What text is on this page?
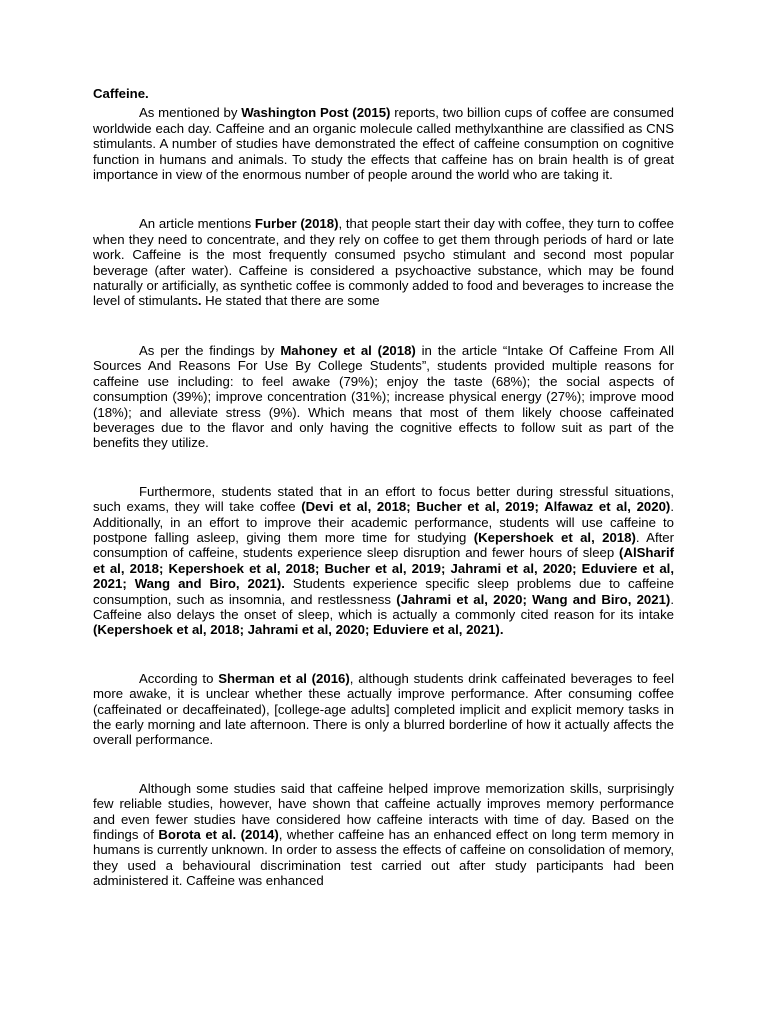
Caffeine.

As mentioned by Washington Post (2015) reports, two billion cups of coffee are consumed worldwide each day. Caffeine and an organic molecule called methylxanthine are classified as CNS stimulants. A number of studies have demonstrated the effect of caffeine consumption on cognitive function in humans and animals. To study the effects that caffeine has on brain health is of great importance in view of the enormous number of people around the world who are taking it.

An article mentions Furber (2018), that people start their day with coffee, they turn to coffee when they need to concentrate, and they rely on coffee to get them through periods of hard or late work. Caffeine is the most frequently consumed psycho stimulant and second most popular beverage (after water). Caffeine is considered a psychoactive substance, which may be found naturally or artificially, as synthetic coffee is commonly added to food and beverages to increase the level of stimulants. He stated that there are some

As per the findings by Mahoney et al (2018) in the article “Intake Of Caffeine From All Sources And Reasons For Use By College Students”, students provided multiple reasons for caffeine use including: to feel awake (79%); enjoy the taste (68%); the social aspects of consumption (39%); improve concentration (31%); increase physical energy (27%); improve mood (18%); and alleviate stress (9%). Which means that most of them likely choose caffeinated beverages due to the flavor and only having the cognitive effects to follow suit as part of the benefits they utilize.

Furthermore, students stated that in an effort to focus better during stressful situations, such exams, they will take coffee (Devi et al, 2018; Bucher et al, 2019; Alfawaz et al, 2020). Additionally, in an effort to improve their academic performance, students will use caffeine to postpone falling asleep, giving them more time for studying (Kepershoek et al, 2018). After consumption of caffeine, students experience sleep disruption and fewer hours of sleep (AlSharif et al, 2018; Kepershoek et al, 2018; Bucher et al, 2019; Jahrami et al, 2020; Eduviere et al, 2021; Wang and Biro, 2021). Students experience specific sleep problems due to caffeine consumption, such as insomnia, and restlessness (Jahrami et al, 2020; Wang and Biro, 2021). Caffeine also delays the onset of sleep, which is actually a commonly cited reason for its intake (Kepershoek et al, 2018; Jahrami et al, 2020; Eduviere et al, 2021).

According to Sherman et al (2016), although students drink caffeinated beverages to feel more awake, it is unclear whether these actually improve performance. After consuming coffee (caffeinated or decaffeinated), [college-age adults] completed implicit and explicit memory tasks in the early morning and late afternoon. There is only a blurred borderline of how it actually affects the overall performance.

Although some studies said that caffeine helped improve memorization skills, surprisingly few reliable studies, however, have shown that caffeine actually improves memory performance and even fewer studies have considered how caffeine interacts with time of day. Based on the findings of Borota et al. (2014), whether caffeine has an enhanced effect on long term memory in humans is currently unknown. In order to assess the effects of caffeine on consolidation of memory, they used a behavioural discrimination test carried out after study participants had been administered it. Caffeine was enhanced
